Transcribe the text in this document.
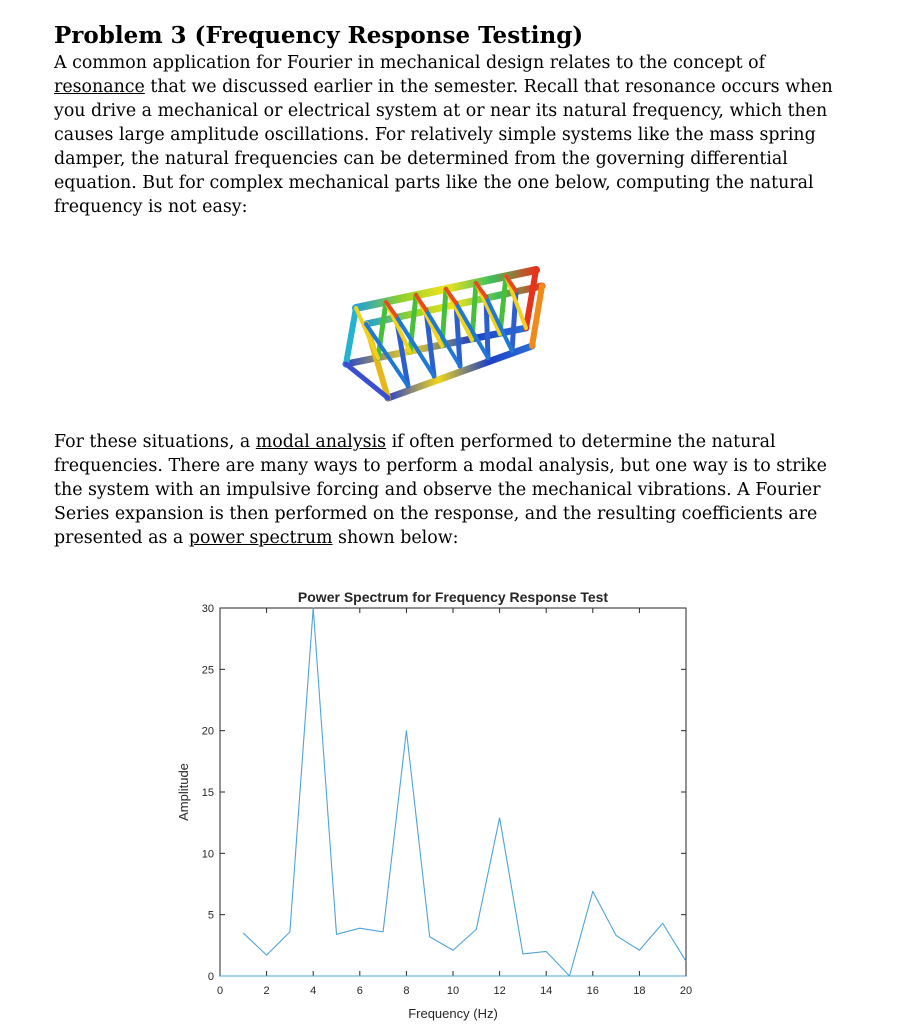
Problem 3 (Frequency Response Testing)

A common application for Fourier in mechanical design relates to the concept of
resonance that we discussed earlier in the semester. Recall that resonance occurs when
you drive a mechanical or electrical system at or near its natural frequency, which then
causes large amplitude oscillations. For relatively simple systems like the mass spring
damper, the natural frequencies can be determined from the governing differential
equation. But for complex mechanical parts like the one below, computing the natural
frequency is not easy:

For these situations, a modal analysis if often performed to determine the natural
frequencies. There are many ways to perform a modal analysis, but one way is to strike
the system with an impulsive forcing and observe the mechanical vibrations. A Fourier
Series expansion is then performed on the response, and the resulting coefficients are
presented as a power spectrum shown below:

Power Spectrum for Frequency Response Test
0	2	4	6	8	10	12	14	16	18	20
0
5
10
15
20
25
30
Frequency (Hz)
Amplitude
